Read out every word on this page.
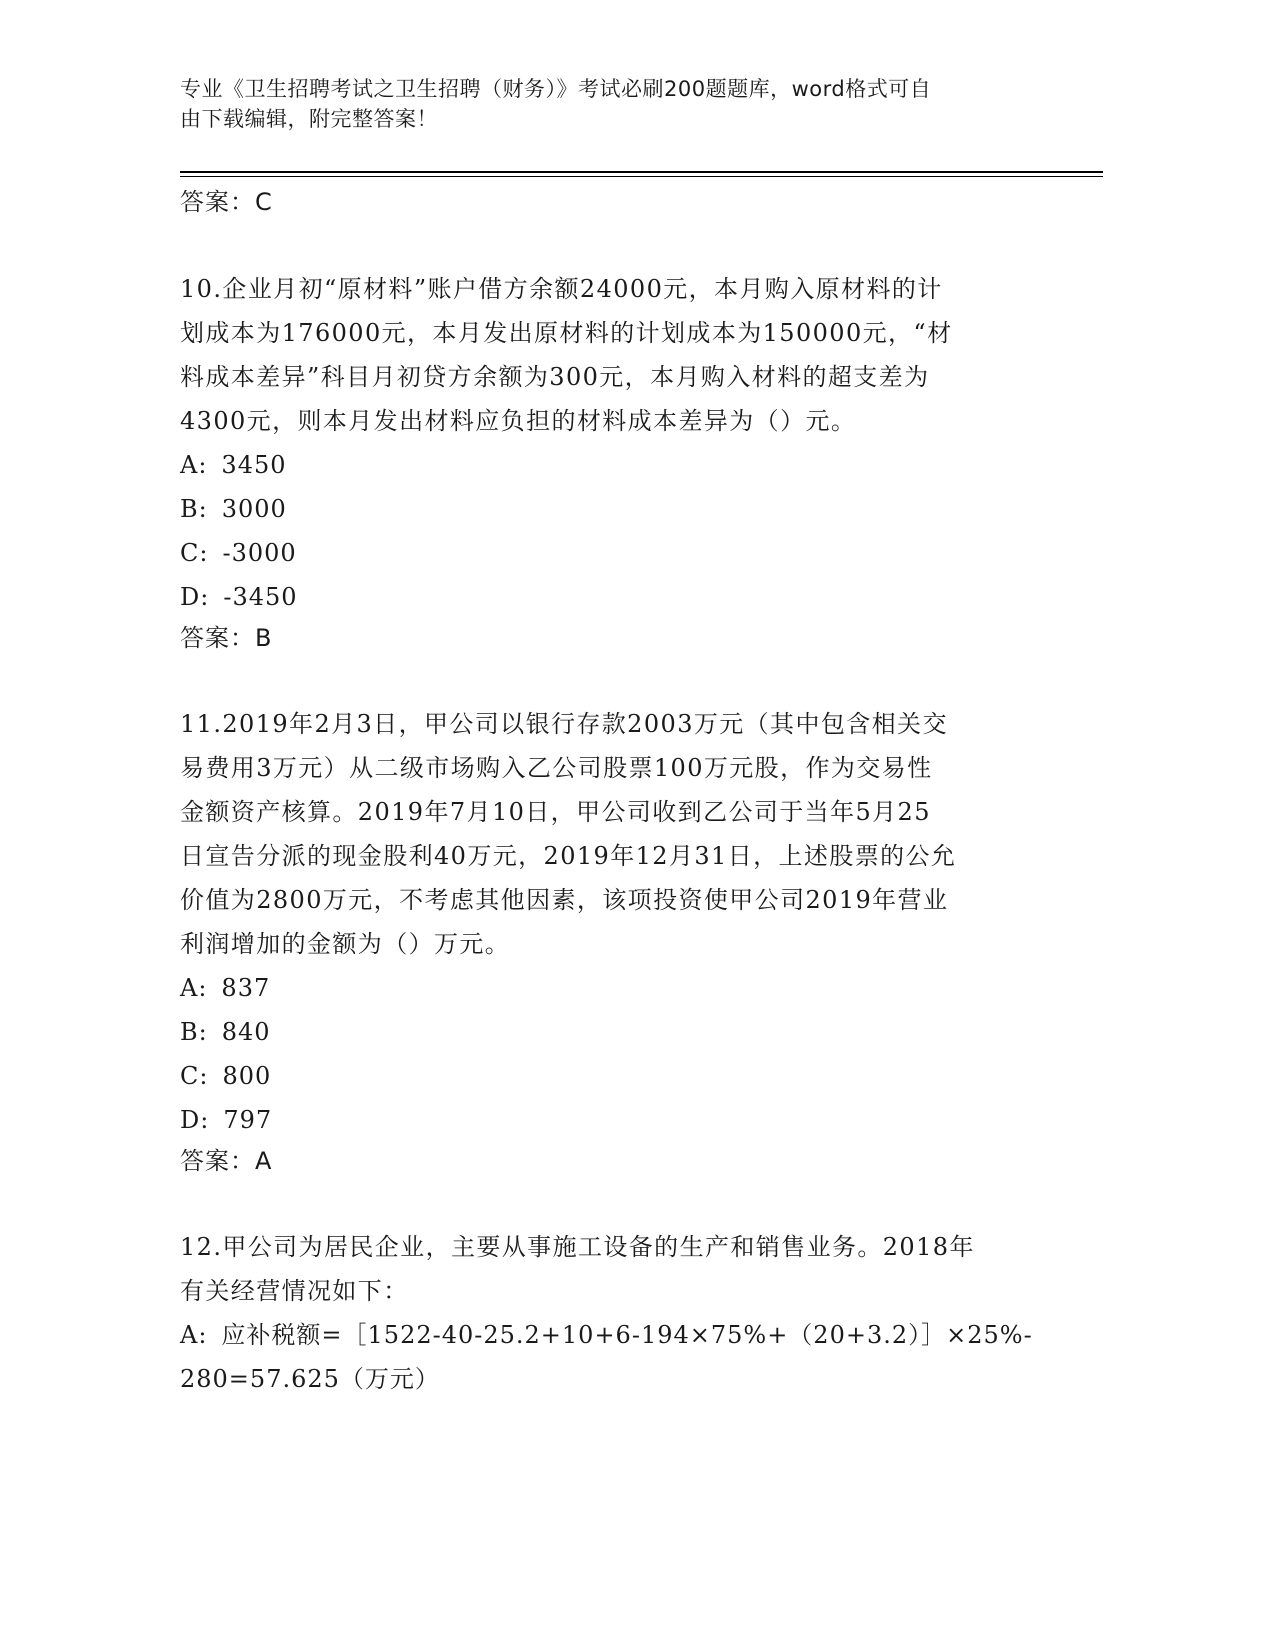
专业《卫生招聘考试之卫生招聘（财务）》考试必刷200题题库，word格式可自
由下载编辑，附完整答案！
答案：C

10.企业月初“原材料”账户借方余额24000元，本月购入原材料的计

划成本为176000元，本月发出原材料的计划成本为150000元，“材

料成本差异”科目月初贷方余额为300元，本月购入材料的超支差为

4300元，则本月发出材料应负担的材料成本差异为（）元。

A: 3450

B: 3000

C: -3000

D: -3450

答案：B

11.2019年2月3日，甲公司以银行存款2003万元（其中包含相关交

易费用3万元）从二级市场购入乙公司股票100万元股，作为交易性

金额资产核算。2019年7月10日，甲公司收到乙公司于当年5月25

日宣告分派的现金股利40万元，2019年12月31日，上述股票的公允

价值为2800万元，不考虑其他因素，该项投资使甲公司2019年营业

利润增加的金额为（）万元。

A: 837

B: 840

C: 800

D: 797

答案：A

12.甲公司为居民企业，主要从事施工设备的生产和销售业务。2018年

有关经营情况如下：

A: 应补税额=［1522-40-25.2+10+6-194×75%+（20+3.2）］×25%-

280=57.625（万元）
